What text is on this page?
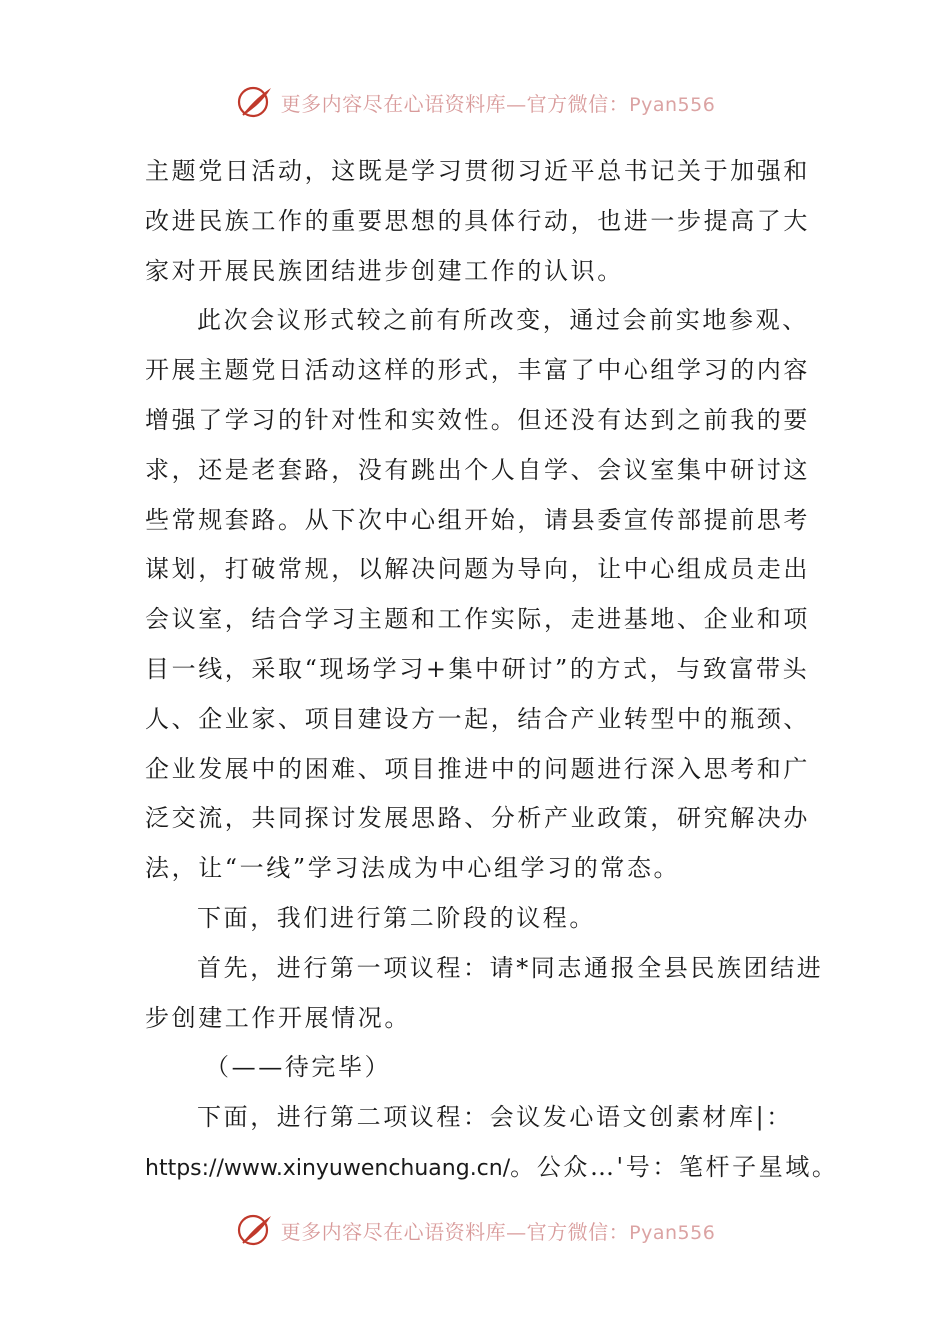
更多内容尽在心语资料库—官方微信：Pyan556
主题党日活动，这既是学习贯彻习近平总书记关于加强和
改进民族工作的重要思想的具体行动，也进一步提高了大
家对开展民族团结进步创建工作的认识。
此次会议形式较之前有所改变，通过会前实地参观、
开展主题党日活动这样的形式，丰富了中心组学习的内容
增强了学习的针对性和实效性。但还没有达到之前我的要
求，还是老套路，没有跳出个人自学、会议室集中研讨这
些常规套路。从下次中心组开始，请县委宣传部提前思考
谋划，打破常规，以解决问题为导向，让中心组成员走出
会议室，结合学习主题和工作实际，走进基地、企业和项
目一线，采取“现场学习+集中研讨”的方式，与致富带头
人、企业家、项目建设方一起，结合产业转型中的瓶颈、
企业发展中的困难、项目推进中的问题进行深入思考和广
泛交流，共同探讨发展思路、分析产业政策，研究解决办
法，让“一线”学习法成为中心组学习的常态。
下面，我们进行第二阶段的议程。
首先，进行第一项议程：请*同志通报全县民族团结进
步创建工作开展情况。
（——待完毕）
下面，进行第二项议程：会议发心语文创素材库|：
https://www.xinyuwenchuang.cn/。公众…'号：笔杆子星域。
更多内容尽在心语资料库—官方微信：Pyan556
